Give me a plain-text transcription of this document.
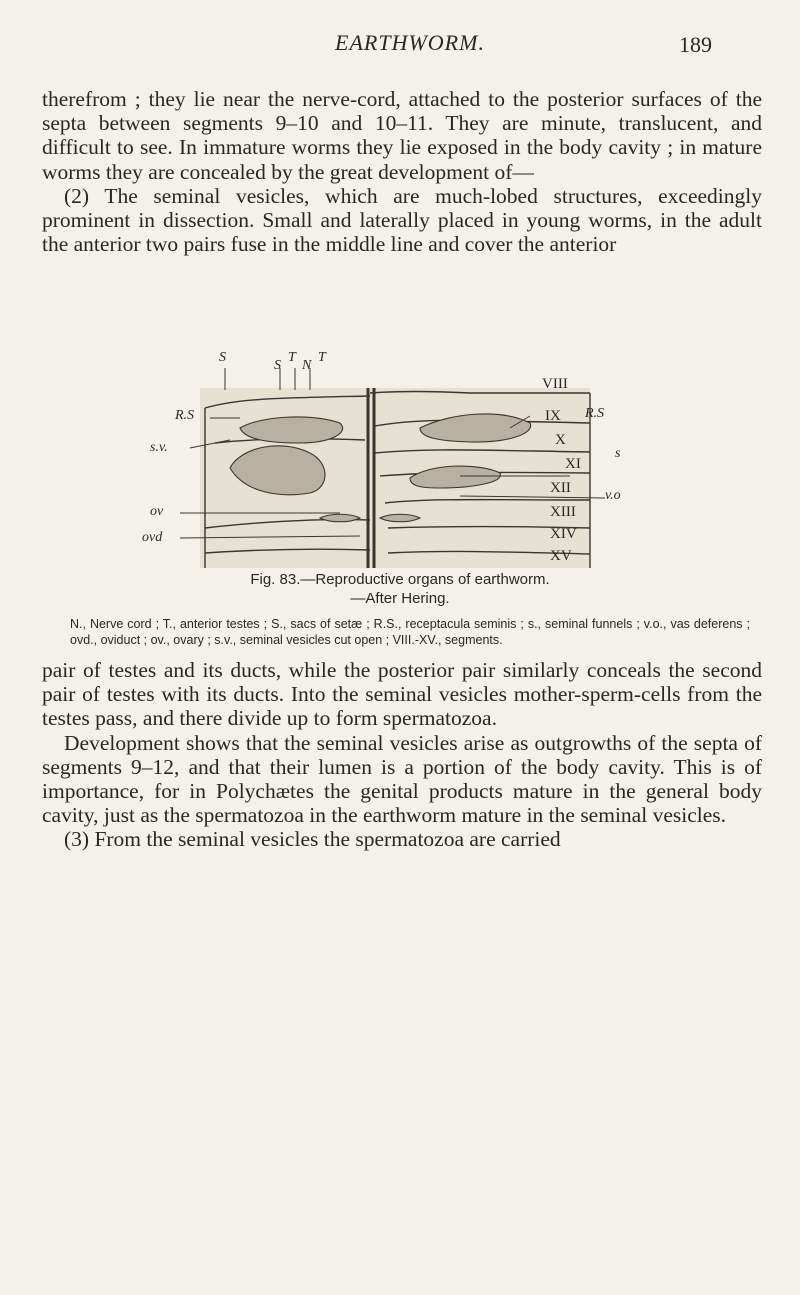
EARTHWORM.	189

therefrom ; they lie near the nerve-cord, attached to the posterior surfaces of the septa between segments 9–10 and 10–11. They are minute, translucent, and difficult to see. In immature worms they lie exposed in the body cavity ; in mature worms they are concealed by the great development of—

(2) The seminal vesicles, which are much-lobed structures, exceedingly prominent in dissection. Small and laterally placed in young worms, in the adult the anterior two pairs fuse in the middle line and cover the anterior

S
S
T
N
T
R.S
s.v.
ov
ovd
VIII
R.S
IX
X
XI
s
XII v.o
XIII
XIV
XV
Fig. 83.—Reproductive organs of earthworm.
—After Hering.
N., Nerve cord ; T., anterior testes ; S., sacs of setæ ; R.S., receptacula seminis ; s., seminal funnels ; v.o., vas deferens ; ovd., oviduct ; ov., ovary ; s.v., seminal vesicles cut open ; VIII.-XV., segments.

pair of testes and its ducts, while the posterior pair similarly conceals the second pair of testes with its ducts. Into the seminal vesicles mother-sperm-cells from the testes pass, and there divide up to form spermatozoa.

Development shows that the seminal vesicles arise as outgrowths of the septa of segments 9–12, and that their lumen is a portion of the body cavity. This is of importance, for in Polychætes the genital products mature in the general body cavity, just as the spermatozoa in the earthworm mature in the seminal vesicles.

(3) From the seminal vesicles the spermatozoa are carried
